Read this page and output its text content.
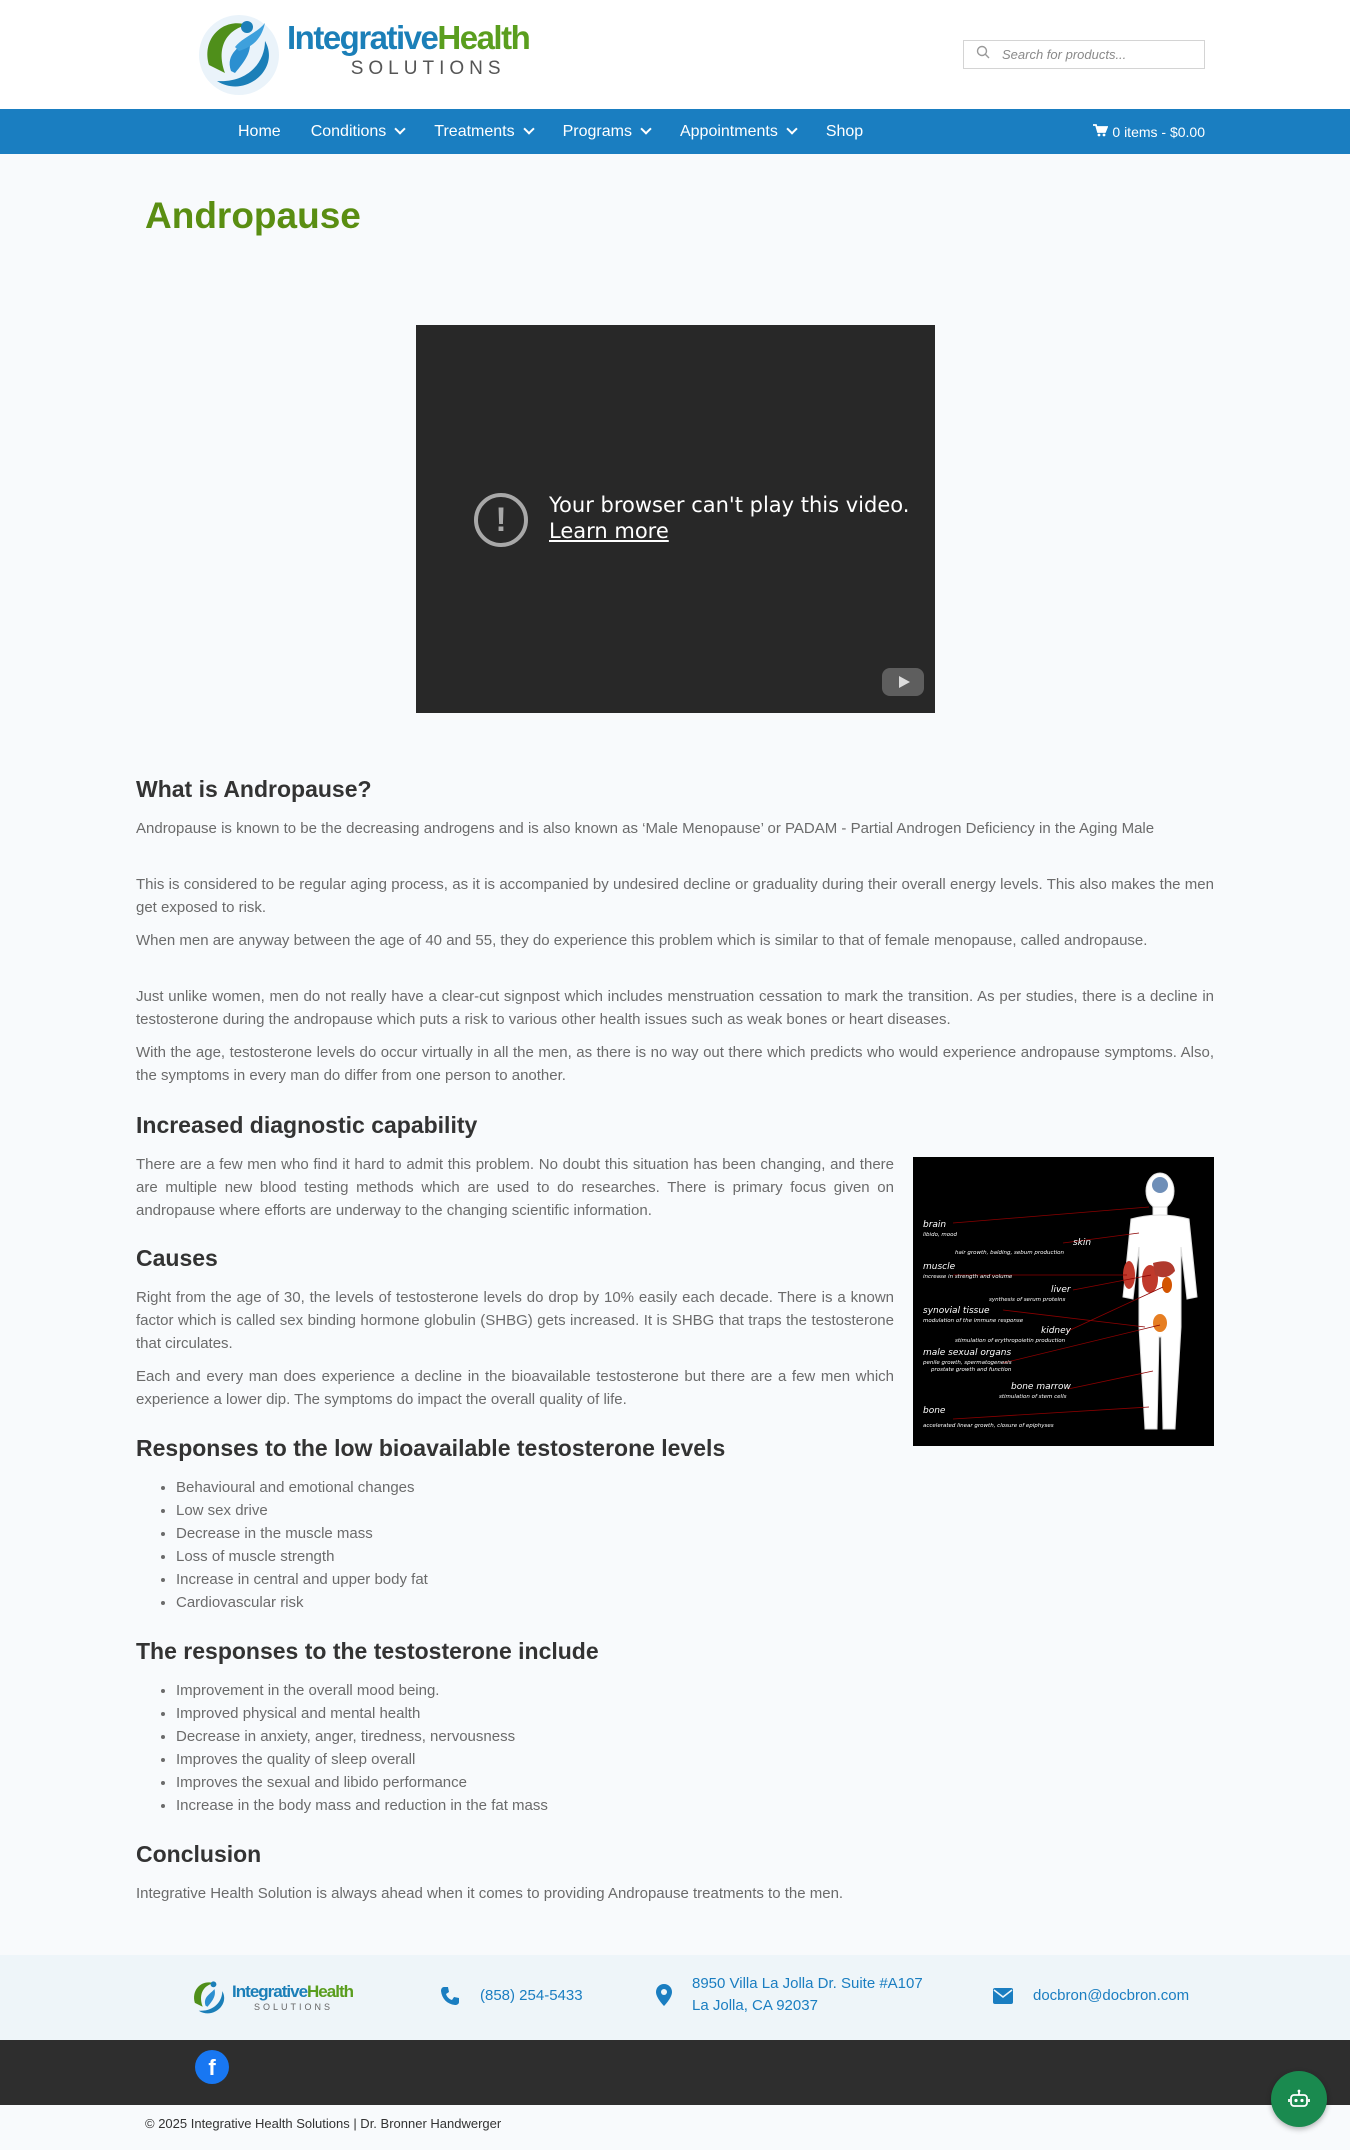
IntegrativeHealth
SOLUTIONS
Search for products...
Home Conditions	Treatments	Programs	Appointments	Shop	0 items - $0.00
Andropause
!	Your browser can't play this video.
Learn more
What is Andropause?

Andropause is known to be the decreasing androgens and is also known as ‘Male Menopause’ or PADAM - Partial Androgen Deficiency in the Aging Male

This is considered to be regular aging process, as it is accompanied by undesired decline or graduality during their overall energy levels. This also makes the men get exposed to risk.

When men are anyway between the age of 40 and 55, they do experience this problem which is similar to that of female menopause, called andropause.

Just unlike women, men do not really have a clear-cut signpost which includes menstruation cessation to mark the transition. As per studies, there is a decline in testosterone during the andropause which puts a risk to various other health issues such as weak bones or heart diseases.

With the age, testosterone levels do occur virtually in all the men, as there is no way out there which predicts who would experience andropause symptoms. Also, the symptoms in every man do differ from one person to another.

Increased diagnostic capability

There are a few men who find it hard to admit this problem. No doubt this situation has been changing, and there are multiple new blood testing methods which are used to do researches. There is primary focus given on andropause where efforts are underway to the changing scientific information.

brain
libido, mood
skin
hair growth, balding, sebum production
muscle
increase in strength and volume
liver
synthesis of serum proteins
synovial tissue
modulation of the immune response
kidney
stimulation of erythropoietin production
male sexual organs
penile growth, spermatogenesis
prostate growth and function
bone marrow
stimulation of stem cells
bone
accelerated linear growth, closure of epiphyses
Causes

Right from the age of 30, the levels of testosterone levels do drop by 10% easily each decade. There is a known factor which is called sex binding hormone globulin (SHBG) gets increased. It is SHBG that traps the testosterone that circulates.

Each and every man does experience a decline in the bioavailable testosterone but there are a few men which experience a lower dip. The symptoms do impact the overall quality of life.

Responses to the low bioavailable testosterone levels
• Behavioural and emotional changes
• Low sex drive
• Decrease in the muscle mass
• Loss of muscle strength
• Increase in central and upper body fat
• Cardiovascular risk
The responses to the testosterone include
• Improvement in the overall mood being.
• Improved physical and mental health
• Decrease in anxiety, anger, tiredness, nervousness
• Improves the quality of sleep overall
• Improves the sexual and libido performance
• Increase in the body mass and reduction in the fat mass
Conclusion

Integrative Health Solution is always ahead when it comes to providing Andropause treatments to the men.

IntegrativeHealth
SOLUTIONS
(858) 254-5433
8950 Villa La Jolla Dr. Suite #A107
La Jolla, CA 92037
docbron@docbron.com
f
© 2025 Integrative Health Solutions | Dr. Bronner Handwerger
